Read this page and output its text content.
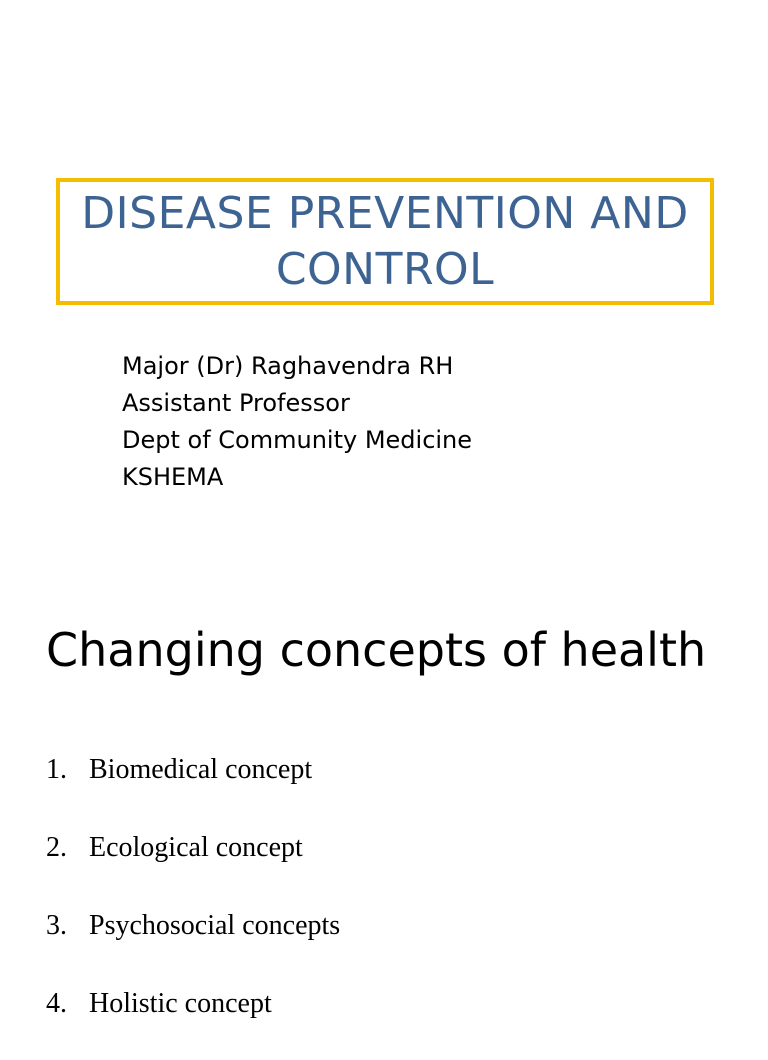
DISEASE PREVENTION AND CONTROL
Major (Dr) Raghavendra RH
Assistant Professor
Dept of Community Medicine
KSHEMA
Changing concepts of health
1. Biomedical concept
2. Ecological concept
3. Psychosocial concepts
4. Holistic concept
